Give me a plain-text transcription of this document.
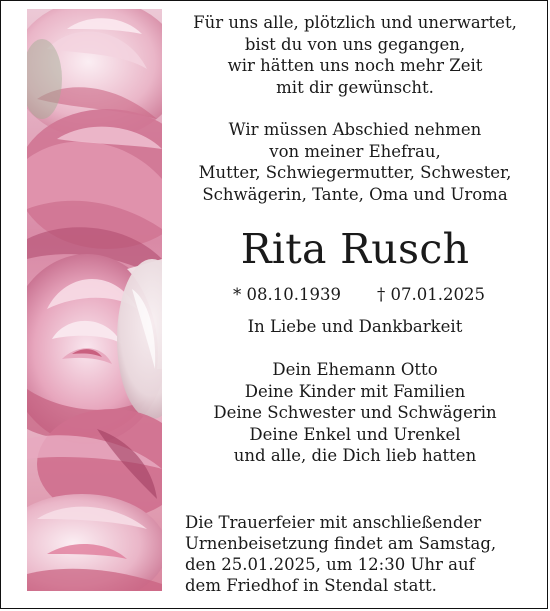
Für uns alle, plötzlich und unerwartet,
bist du von uns gegangen,
wir hätten uns noch mehr Zeit
mit dir gewünscht.
Wir müssen Abschied nehmen
von meiner Ehefrau,
Mutter, Schwiegermutter, Schwester,
Schwägerin, Tante, Oma und Uroma
Rita Rusch
* 08.10.1939 † 07.01.2025
In Liebe und Dankbarkeit
Dein Ehemann Otto
Deine Kinder mit Familien
Deine Schwester und Schwägerin
Deine Enkel und Urenkel
und alle, die Dich lieb hatten
Die Trauerfeier mit anschließender
Urnenbeisetzung findet am Samstag,
den 25.01.2025, um 12:30 Uhr auf
dem Friedhof in Stendal statt.
